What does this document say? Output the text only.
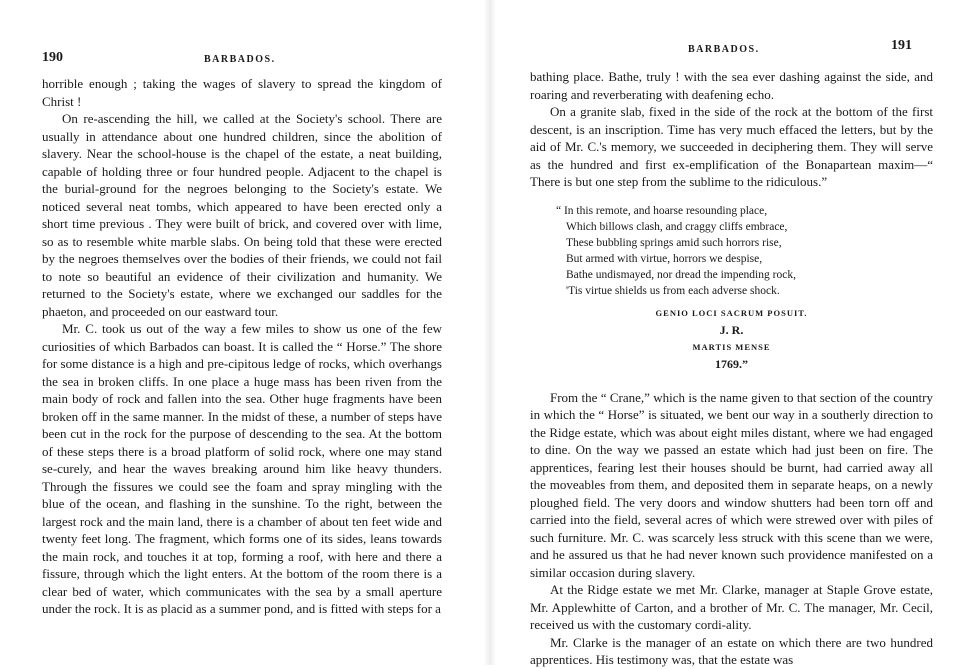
190	BARBADOS.

horrible enough ; taking the wages of slavery to spread the kingdom of Christ !

On re-ascending the hill, we called at the Society's school. There are usually in attendance about one hundred children, since the abolition of slavery. Near the school-house is the chapel of the estate, a neat building, capable of holding three or four hundred people. Adjacent to the chapel is the burial-ground for the negroes belonging to the Society's estate. We noticed several neat tombs, which appeared to have been erected only a short time previous . They were built of brick, and covered over with lime, so as to resemble white marble slabs. On being told that these were erected by the negroes themselves over the bodies of their friends, we could not fail to note so beautiful an evidence of their civilization and humanity. We returned to the Society's estate, where we exchanged our saddles for the phaeton, and proceeded on our eastward tour.

Mr. C. took us out of the way a few miles to show us one of the few curiosities of which Barbados can boast. It is called the “ Horse.” The shore for some distance is a high and pre-cipitous ledge of rocks, which overhangs the sea in broken cliffs. In one place a huge mass has been riven from the main body of rock and fallen into the sea. Other huge fragments have been broken off in the same manner. In the midst of these, a number of steps have been cut in the rock for the purpose of descending to the sea. At the bottom of these steps there is a broad platform of solid rock, where one may stand se-curely, and hear the waves breaking around him like heavy thunders. Through the fissures we could see the foam and spray mingling with the blue of the ocean, and flashing in the sunshine. To the right, between the largest rock and the main land, there is a chamber of about ten feet wide and twenty feet long. The fragment, which forms one of its sides, leans towards the main rock, and touches it at top, forming a roof, with here and there a fissure, through which the light enters. At the bottom of the room there is a clear bed of water, which communicates with the sea by a small aperture under the rock. It is as placid as a summer pond, and is fitted with steps for a

BARBADOS.	191

bathing place. Bathe, truly ! with the sea ever dashing against the side, and roaring and reverberating with deafening echo.

On a granite slab, fixed in the side of the rock at the bottom of the first descent, is an inscription. Time has very much effaced the letters, but by the aid of Mr. C.'s memory, we succeeded in deciphering them. They will serve as the hundred and first ex-emplification of the Bonapartean maxim—“ There is but one step from the sublime to the ridiculous.”

“ In this remote, and hoarse resounding place,
Which billows clash, and craggy cliffs embrace,
These bubbling springs amid such horrors rise,
But armed with virtue, horrors we despise,
Bathe undismayed, nor dread the impending rock,
'Tis virtue shields us from each adverse shock.
GENIO LOCI SACRUM POSUIT.
J. R.
MARTIS MENSE
1769.”

From the “ Crane,” which is the name given to that section of the country in which the “ Horse” is situated, we bent our way in a southerly direction to the Ridge estate, which was about eight miles distant, where we had engaged to dine. On the way we passed an estate which had just been on fire. The apprentices, fearing lest their houses should be burnt, had carried away all the moveables from them, and deposited them in separate heaps, on a newly ploughed field. The very doors and window shutters had been torn off and carried into the field, several acres of which were strewed over with piles of such furniture. Mr. C. was scarcely less struck with this scene than we were, and he assured us that he had never known such providence manifested on a similar occasion during slavery.

At the Ridge estate we met Mr. Clarke, manager at Staple Grove estate, Mr. Applewhitte of Carton, and a brother of Mr. C. The manager, Mr. Cecil, received us with the customary cordi-ality.

Mr. Clarke is the manager of an estate on which there are two hundred apprentices. His testimony was, that the estate was
